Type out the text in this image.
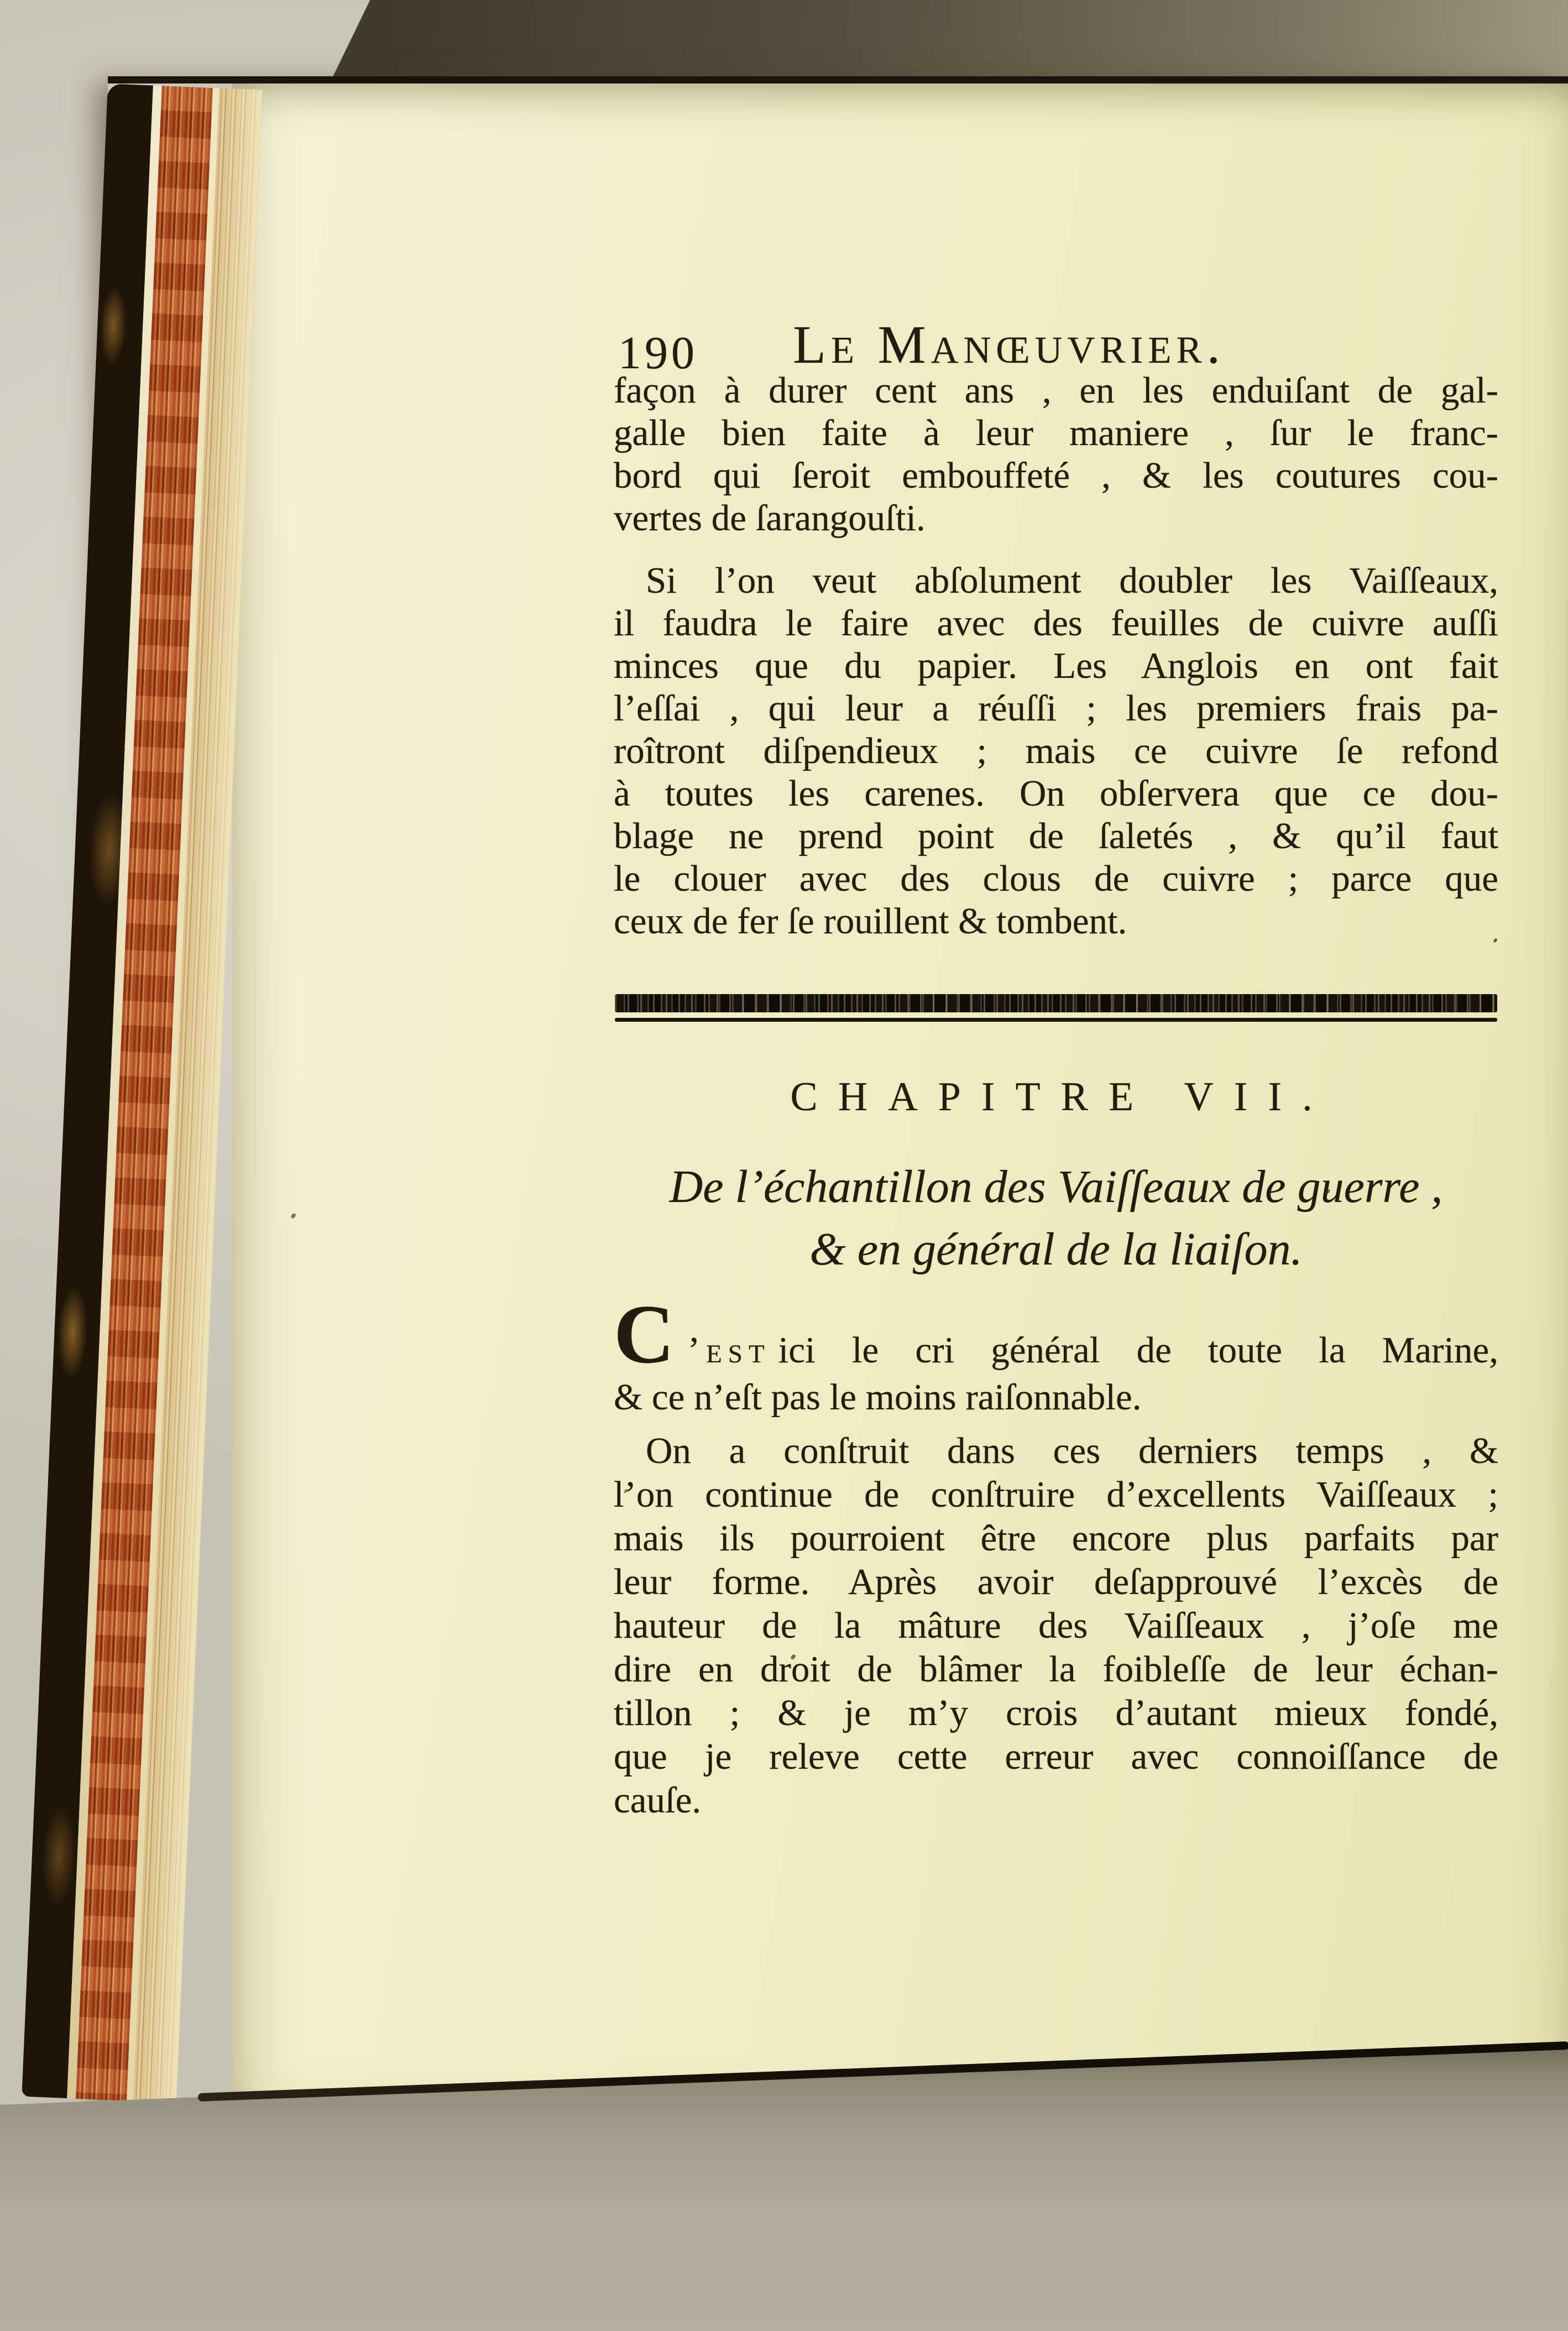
190	Le Manœuvrier.
façon à durer cent ans , en les enduiſant de gal-
galle bien faite à leur maniere , ſur le franc-
bord qui ſeroit embouffeté , & les coutures cou-
vertes de ſarangouſti.
Si l’on veut abſolument doubler les Vaiſſeaux,
il faudra le faire avec des feuilles de cuivre auſſi
minces que du papier. Les Anglois en ont fait
l’eſſai , qui leur a réuſſi ; les premiers frais pa-
roîtront diſpendieux ; mais ce cuivre ſe refond
à toutes les carenes. On obſervera que ce dou-
blage ne prend point de ſaletés , & qu’il faut
le clouer avec des clous de cuivre ; parce que
ceux de fer ſe rouillent & tombent.
CHAPITRE VII.
De l’échantillon des Vaiſſeaux de guerre ,
& en général de la liaiſon.
C ’est ici le cri général de toute la Marine,
& ce n’eſt pas le moins raiſonnable.
On a conſtruit dans ces derniers temps , &
l’on continue de conſtruire d’excellents Vaiſſeaux ;
mais ils pourroient être encore plus parfaits par
leur forme. Après avoir deſapprouvé l’excès de
hauteur de la mâture des Vaiſſeaux , j’oſe me
dire en droit de blâmer la foibleſſe de leur échan-
tillon ; & je m’y crois d’autant mieux fondé,
que je releve cette erreur avec connoiſſance de
cauſe.
